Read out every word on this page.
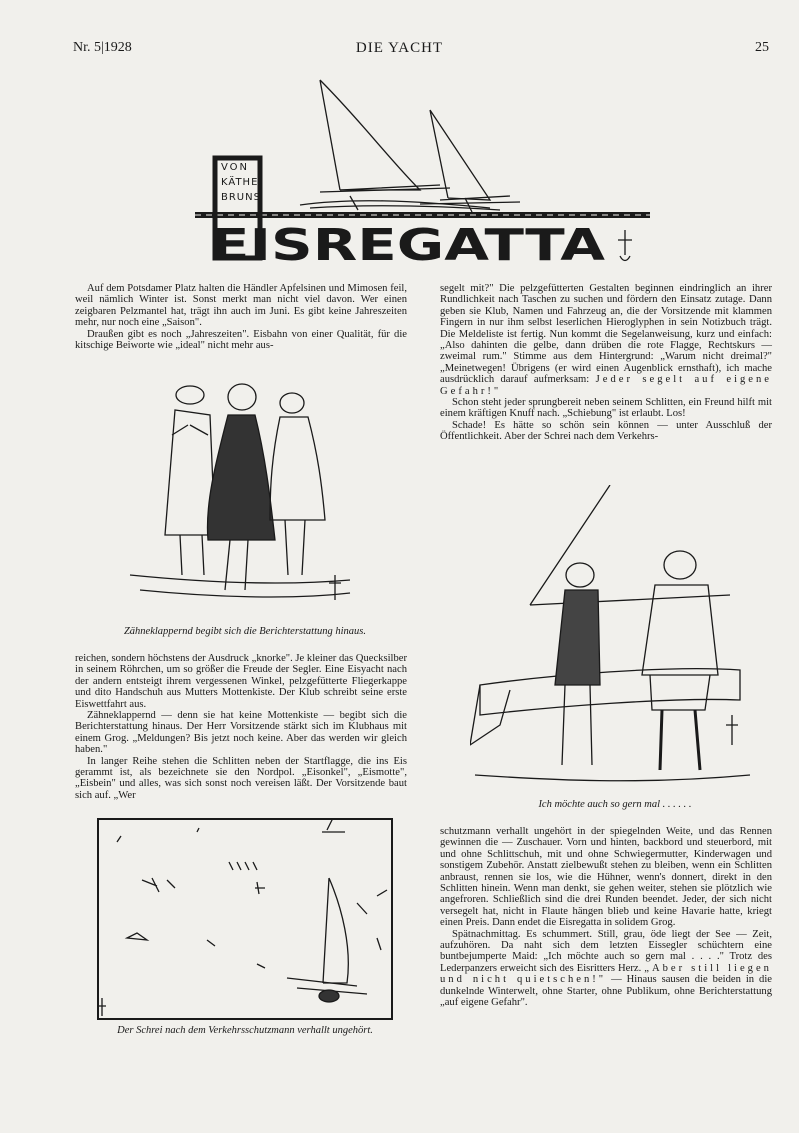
Nr. 5|1928	DIE YACHT	25
VON
KÄTHE
BRUNS
EISREGATTA

Auf dem Potsdamer Platz halten die Händler Apfelsinen und Mimosen feil, weil nämlich Winter ist. Sonst merkt man nicht viel davon. Wer einen zeigbaren Pelzmantel hat, trägt ihn auch im Juni. Es gibt keine Jahreszeiten mehr, nur noch eine „Saison".

Draußen gibt es noch „Jahreszeiten". Eisbahn von einer Qualität, für die kitschige Beiworte wie „ideal" nicht mehr aus-

Zähneklappernd begibt sich die Berichterstattung hinaus.

reichen, sondern höchstens der Ausdruck „knorke". Je kleiner das Quecksilber in seinem Röhrchen, um so größer die Freude der Segler. Eine Eisyacht nach der andern entsteigt ihrem vergessenen Winkel, pelzgefütterte Fliegerkappe und dito Handschuh aus Mutters Mottenkiste. Der Klub schreibt seine erste Eiswettfahrt aus.

Zähneklappernd — denn sie hat keine Mottenkiste — begibt sich die Berichterstattung hinaus. Der Herr Vorsitzende stärkt sich im Klubhaus mit einem Grog. „Meldungen? Bis jetzt noch keine. Aber das werden wir gleich haben."

In langer Reihe stehen die Schlitten neben der Startflagge, die ins Eis gerammt ist, als bezeichnete sie den Nordpol. „Eisonkel", „Eismotte", „Eisbein" und alles, was sich sonst noch vereisen läßt. Der Vorsitzende baut sich auf. „Wer

Der Schrei nach dem Verkehrsschutzmann verhallt ungehört.

segelt mit?" Die pelzgefütterten Gestalten beginnen eindringlich an ihrer Rundlichkeit nach Taschen zu suchen und fördern den Einsatz zutage. Dann geben sie Klub, Namen und Fahrzeug an, die der Vorsitzende mit klammen Fingern in nur ihm selbst leserlichen Hieroglyphen in sein Notizbuch trägt. Die Meldeliste ist fertig. Nun kommt die Segelanweisung, kurz und einfach: „Also dahinten die gelbe, dann drüben die rote Flagge, Rechtskurs — zweimal rum." Stimme aus dem Hintergrund: „Warum nicht dreimal?" „Meinetwegen! Übrigens (er wird einen Augenblick ernsthaft), ich mache ausdrücklich darauf aufmerksam: Jeder segelt auf eigene Gefahr!"

Schon steht jeder sprungbereit neben seinem Schlitten, ein Freund hilft mit einem kräftigen Knuff nach. „Schiebung" ist erlaubt. Los!

Schade! Es hätte so schön sein können — unter Ausschluß der Öffentlichkeit. Aber der Schrei nach dem Verkehrs-

Ich möchte auch so gern mal . . . . . .

schutzmann verhallt ungehört in der spiegelnden Weite, und das Rennen gewinnen die — Zuschauer. Vorn und hinten, backbord und steuerbord, mit und ohne Schlittschuh, mit und ohne Schwiegermutter, Kinderwagen und sonstigem Zubehör. Anstatt zielbewußt stehen zu bleiben, wenn ein Schlitten anbraust, rennen sie los, wie die Hühner, wenn's donnert, direkt in den Schlitten hinein. Wenn man denkt, sie gehen weiter, stehen sie plötzlich wie angefroren. Schließlich sind die drei Runden beendet. Jeder, der sich nicht versegelt hat, nicht in Flaute hängen blieb und keine Havarie hatte, kriegt einen Preis. Dann endet die Eisregatta in solidem Grog.

Spätnachmittag. Es schummert. Still, grau, öde liegt der See — Zeit, aufzuhören. Da naht sich dem letzten Eissegler schüchtern eine buntbejumperte Maid: „Ich möchte auch so gern mal . . . ." Trotz des Lederpanzers erweicht sich des Eisritters Herz. „Aber still liegen und nicht quietschen!" — Hinaus sausen die beiden in die dunkelnde Winterwelt, ohne Starter, ohne Publikum, ohne Berichterstattung „auf eigene Gefahr".
